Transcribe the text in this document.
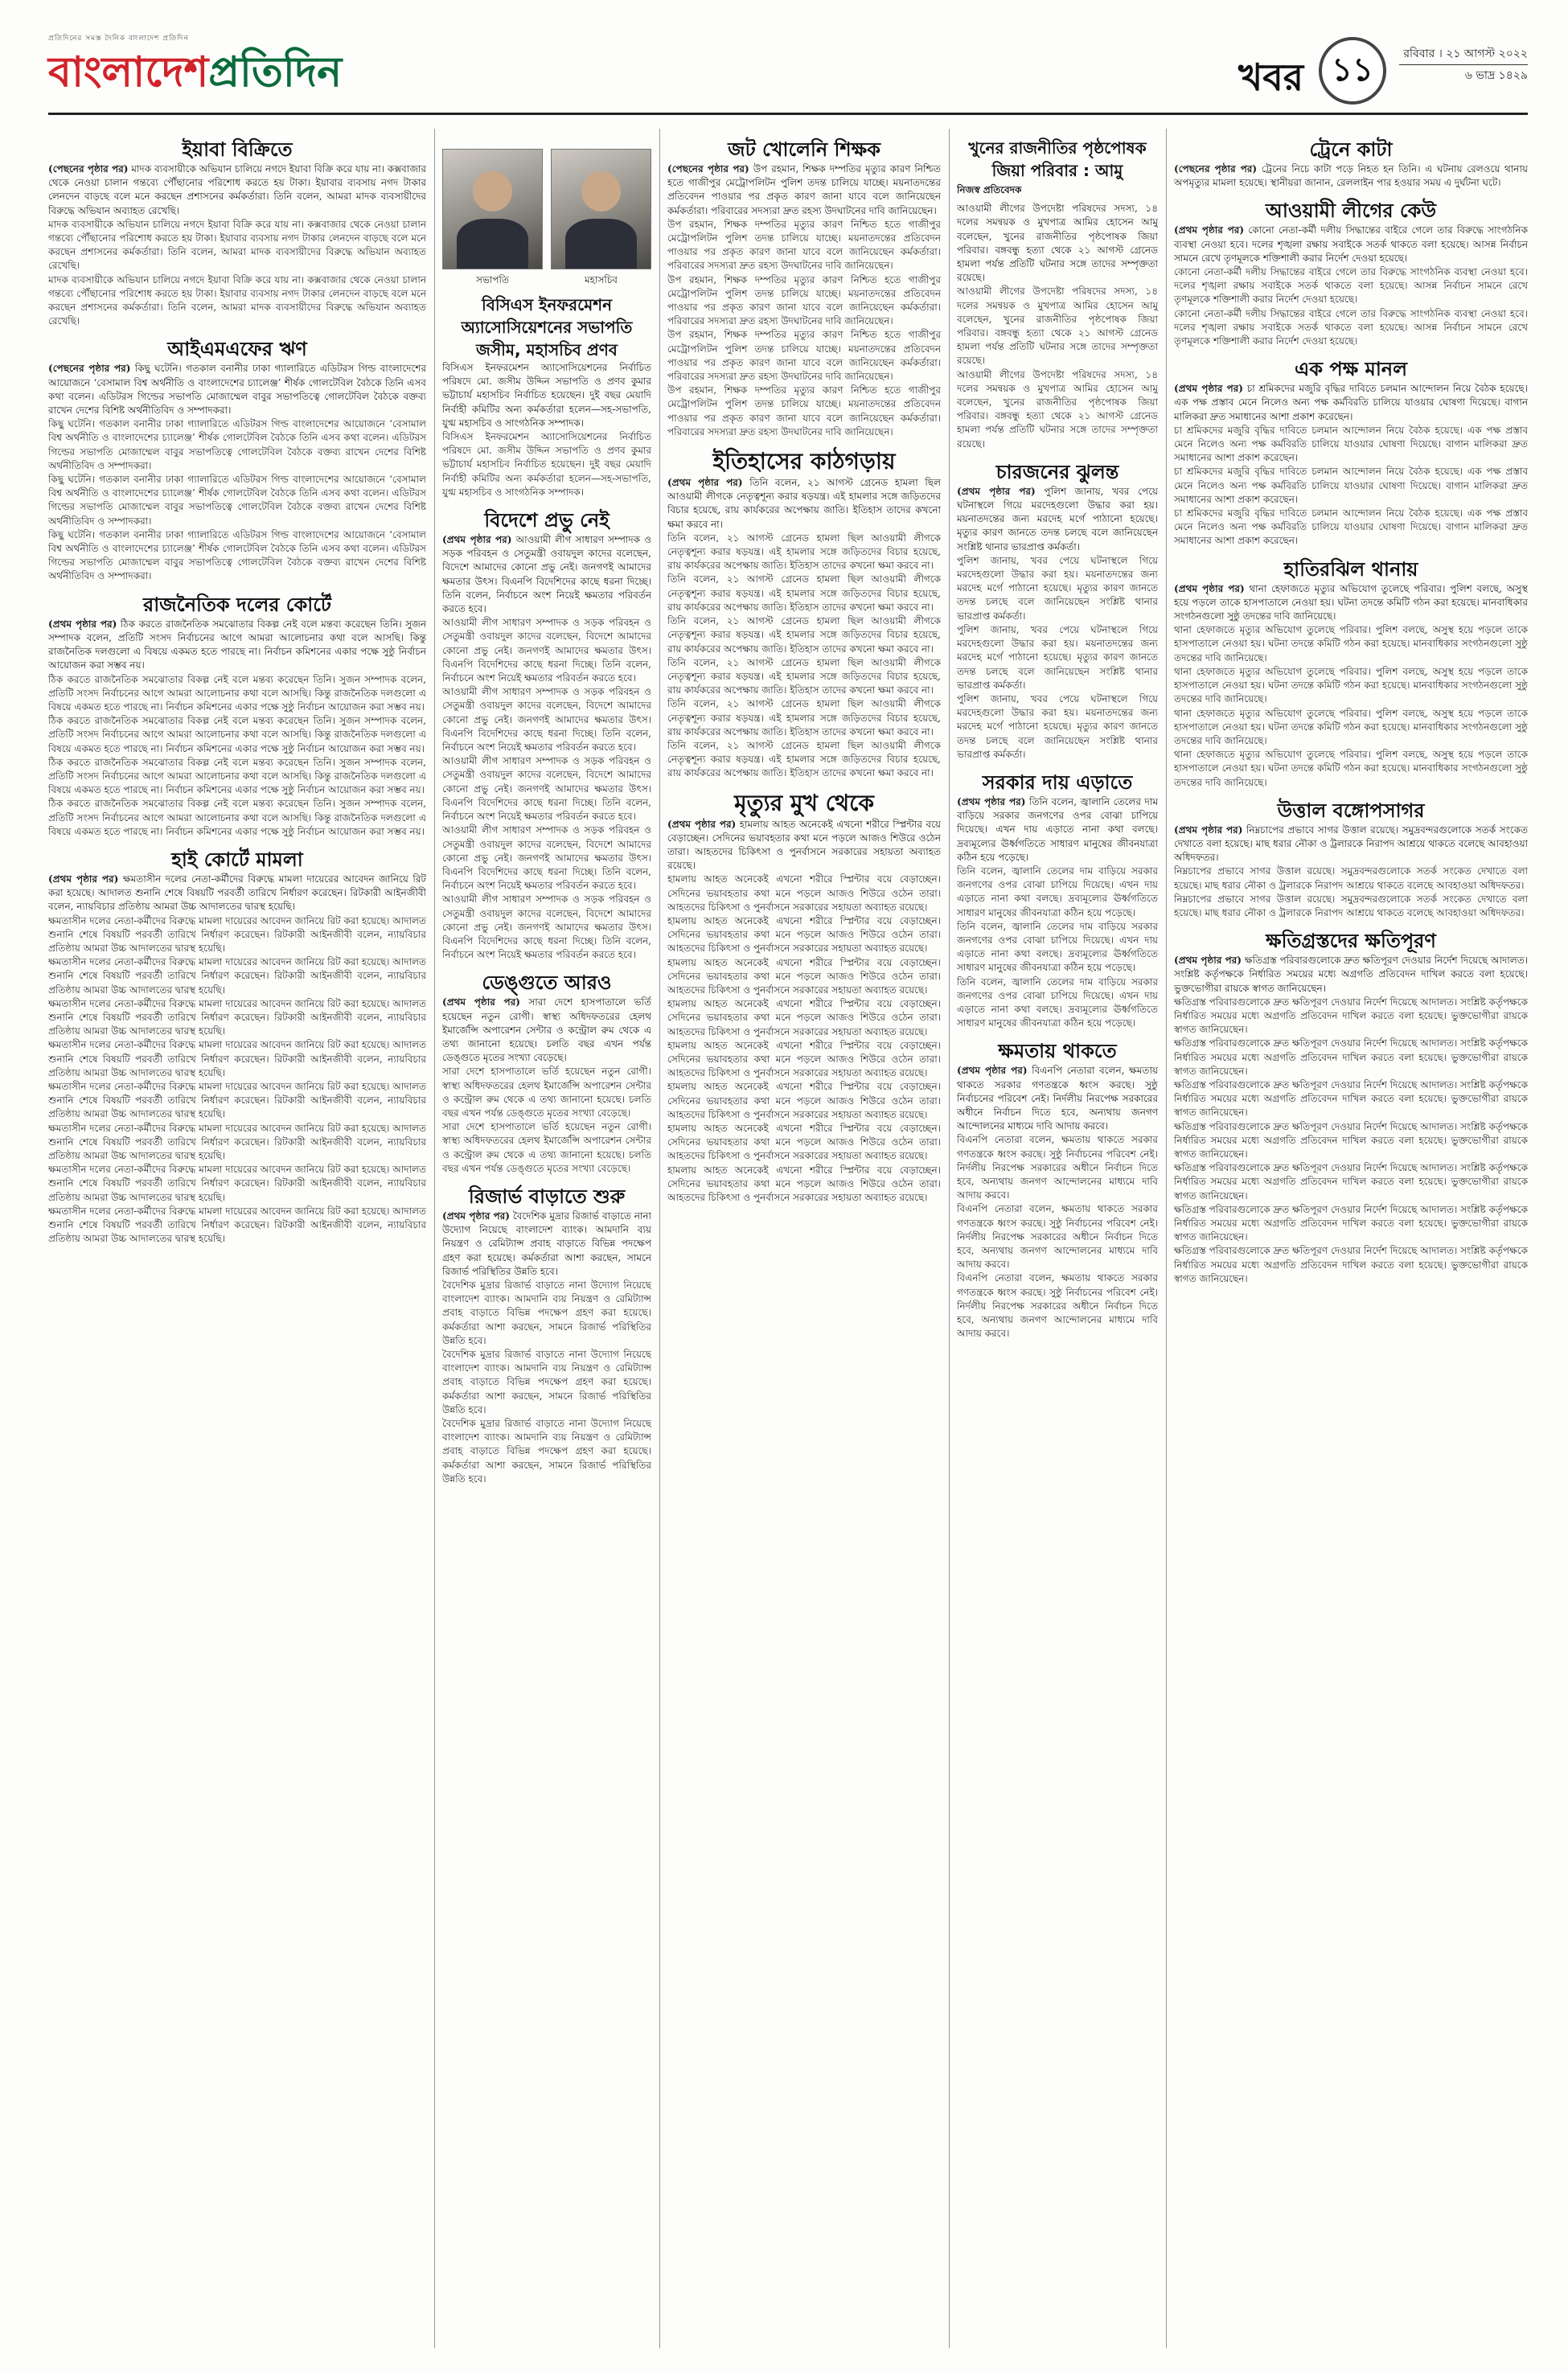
প্রতিদিনের সমস্ত দৈনিক বাংলাদেশ প্রতিদিন
বাংলাদেশপ্রতিদিন	খবর ১১	রবিবার । ২১ আগস্ট ২০২২
৬ ভাদ্র ১৪২৯
ইয়াবা বিক্রিতে

(পেছনের পৃষ্ঠার পর) মাদক ব্যবসায়ীকে অভিযান চালিয়ে নগদে ইয়াবা বিক্রি করে যায় না। কক্সবাজার থেকে নেওয়া চালান গন্তব্যে পৌঁছানোর পরিশোধ করতে হয় টাকা। ইয়াবার ব্যবসায় নগদ টাকার লেনদেন বাড়ছে বলে মনে করছেন প্রশাসনের কর্মকর্তারা। তিনি বলেন, আমরা মাদক ব্যবসায়ীদের বিরুদ্ধে অভিযান অব্যাহত রেখেছি।

মাদক ব্যবসায়ীকে অভিযান চালিয়ে নগদে ইয়াবা বিক্রি করে যায় না। কক্সবাজার থেকে নেওয়া চালান গন্তব্যে পৌঁছানোর পরিশোধ করতে হয় টাকা। ইয়াবার ব্যবসায় নগদ টাকার লেনদেন বাড়ছে বলে মনে করছেন প্রশাসনের কর্মকর্তারা। তিনি বলেন, আমরা মাদক ব্যবসায়ীদের বিরুদ্ধে অভিযান অব্যাহত রেখেছি।

মাদক ব্যবসায়ীকে অভিযান চালিয়ে নগদে ইয়াবা বিক্রি করে যায় না। কক্সবাজার থেকে নেওয়া চালান গন্তব্যে পৌঁছানোর পরিশোধ করতে হয় টাকা। ইয়াবার ব্যবসায় নগদ টাকার লেনদেন বাড়ছে বলে মনে করছেন প্রশাসনের কর্মকর্তারা। তিনি বলেন, আমরা মাদক ব্যবসায়ীদের বিরুদ্ধে অভিযান অব্যাহত রেখেছি।

আইএমএফের ঋণ

(পেছনের পৃষ্ঠার পর) কিছু ঘটেনি। গতকাল বনানীর ঢাকা গ্যালারিতে এডিটরস গিল্ড বাংলাদেশের আয়োজনে ‘বেসামাল বিশ্ব অর্থনীতি ও বাংলাদেশের চ্যালেঞ্জ’ শীর্ষক গোলটেবিল বৈঠকে তিনি এসব কথা বলেন। এডিটরস গিল্ডের সভাপতি মোজাম্মেল বাবুর সভাপতিত্বে গোলটেবিল বৈঠকে বক্তব্য রাখেন দেশের বিশিষ্ট অর্থনীতিবিদ ও সম্পাদকরা।

কিছু ঘটেনি। গতকাল বনানীর ঢাকা গ্যালারিতে এডিটরস গিল্ড বাংলাদেশের আয়োজনে ‘বেসামাল বিশ্ব অর্থনীতি ও বাংলাদেশের চ্যালেঞ্জ’ শীর্ষক গোলটেবিল বৈঠকে তিনি এসব কথা বলেন। এডিটরস গিল্ডের সভাপতি মোজাম্মেল বাবুর সভাপতিত্বে গোলটেবিল বৈঠকে বক্তব্য রাখেন দেশের বিশিষ্ট অর্থনীতিবিদ ও সম্পাদকরা।

কিছু ঘটেনি। গতকাল বনানীর ঢাকা গ্যালারিতে এডিটরস গিল্ড বাংলাদেশের আয়োজনে ‘বেসামাল বিশ্ব অর্থনীতি ও বাংলাদেশের চ্যালেঞ্জ’ শীর্ষক গোলটেবিল বৈঠকে তিনি এসব কথা বলেন। এডিটরস গিল্ডের সভাপতি মোজাম্মেল বাবুর সভাপতিত্বে গোলটেবিল বৈঠকে বক্তব্য রাখেন দেশের বিশিষ্ট অর্থনীতিবিদ ও সম্পাদকরা।

কিছু ঘটেনি। গতকাল বনানীর ঢাকা গ্যালারিতে এডিটরস গিল্ড বাংলাদেশের আয়োজনে ‘বেসামাল বিশ্ব অর্থনীতি ও বাংলাদেশের চ্যালেঞ্জ’ শীর্ষক গোলটেবিল বৈঠকে তিনি এসব কথা বলেন। এডিটরস গিল্ডের সভাপতি মোজাম্মেল বাবুর সভাপতিত্বে গোলটেবিল বৈঠকে বক্তব্য রাখেন দেশের বিশিষ্ট অর্থনীতিবিদ ও সম্পাদকরা।

রাজনৈতিক দলের কোর্টে

(প্রথম পৃষ্ঠার পর) ঠিক করতে রাজনৈতিক সমঝোতার বিকল্প নেই বলে মন্তব্য করেছেন তিনি। সুজন সম্পাদক বলেন, প্রতিটি সংসদ নির্বাচনের আগে আমরা আলোচনার কথা বলে আসছি। কিন্তু রাজনৈতিক দলগুলো এ বিষয়ে একমত হতে পারছে না। নির্বাচন কমিশনের একার পক্ষে সুষ্ঠু নির্বাচন আয়োজন করা সম্ভব নয়।

ঠিক করতে রাজনৈতিক সমঝোতার বিকল্প নেই বলে মন্তব্য করেছেন তিনি। সুজন সম্পাদক বলেন, প্রতিটি সংসদ নির্বাচনের আগে আমরা আলোচনার কথা বলে আসছি। কিন্তু রাজনৈতিক দলগুলো এ বিষয়ে একমত হতে পারছে না। নির্বাচন কমিশনের একার পক্ষে সুষ্ঠু নির্বাচন আয়োজন করা সম্ভব নয়।

ঠিক করতে রাজনৈতিক সমঝোতার বিকল্প নেই বলে মন্তব্য করেছেন তিনি। সুজন সম্পাদক বলেন, প্রতিটি সংসদ নির্বাচনের আগে আমরা আলোচনার কথা বলে আসছি। কিন্তু রাজনৈতিক দলগুলো এ বিষয়ে একমত হতে পারছে না। নির্বাচন কমিশনের একার পক্ষে সুষ্ঠু নির্বাচন আয়োজন করা সম্ভব নয়।

ঠিক করতে রাজনৈতিক সমঝোতার বিকল্প নেই বলে মন্তব্য করেছেন তিনি। সুজন সম্পাদক বলেন, প্রতিটি সংসদ নির্বাচনের আগে আমরা আলোচনার কথা বলে আসছি। কিন্তু রাজনৈতিক দলগুলো এ বিষয়ে একমত হতে পারছে না। নির্বাচন কমিশনের একার পক্ষে সুষ্ঠু নির্বাচন আয়োজন করা সম্ভব নয়।

ঠিক করতে রাজনৈতিক সমঝোতার বিকল্প নেই বলে মন্তব্য করেছেন তিনি। সুজন সম্পাদক বলেন, প্রতিটি সংসদ নির্বাচনের আগে আমরা আলোচনার কথা বলে আসছি। কিন্তু রাজনৈতিক দলগুলো এ বিষয়ে একমত হতে পারছে না। নির্বাচন কমিশনের একার পক্ষে সুষ্ঠু নির্বাচন আয়োজন করা সম্ভব নয়।

হাই কোর্টে মামলা

(প্রথম পৃষ্ঠার পর) ক্ষমতাসীন দলের নেতা-কর্মীদের বিরুদ্ধে মামলা দায়েরের আবেদন জানিয়ে রিট করা হয়েছে। আদালত শুনানি শেষে বিষয়টি পরবর্তী তারিখে নির্ধারণ করেছেন। রিটকারী আইনজীবী বলেন, ন্যায়বিচার প্রতিষ্ঠায় আমরা উচ্চ আদালতের দ্বারস্থ হয়েছি।

ক্ষমতাসীন দলের নেতা-কর্মীদের বিরুদ্ধে মামলা দায়েরের আবেদন জানিয়ে রিট করা হয়েছে। আদালত শুনানি শেষে বিষয়টি পরবর্তী তারিখে নির্ধারণ করেছেন। রিটকারী আইনজীবী বলেন, ন্যায়বিচার প্রতিষ্ঠায় আমরা উচ্চ আদালতের দ্বারস্থ হয়েছি।

ক্ষমতাসীন দলের নেতা-কর্মীদের বিরুদ্ধে মামলা দায়েরের আবেদন জানিয়ে রিট করা হয়েছে। আদালত শুনানি শেষে বিষয়টি পরবর্তী তারিখে নির্ধারণ করেছেন। রিটকারী আইনজীবী বলেন, ন্যায়বিচার প্রতিষ্ঠায় আমরা উচ্চ আদালতের দ্বারস্থ হয়েছি।

ক্ষমতাসীন দলের নেতা-কর্মীদের বিরুদ্ধে মামলা দায়েরের আবেদন জানিয়ে রিট করা হয়েছে। আদালত শুনানি শেষে বিষয়টি পরবর্তী তারিখে নির্ধারণ করেছেন। রিটকারী আইনজীবী বলেন, ন্যায়বিচার প্রতিষ্ঠায় আমরা উচ্চ আদালতের দ্বারস্থ হয়েছি।

ক্ষমতাসীন দলের নেতা-কর্মীদের বিরুদ্ধে মামলা দায়েরের আবেদন জানিয়ে রিট করা হয়েছে। আদালত শুনানি শেষে বিষয়টি পরবর্তী তারিখে নির্ধারণ করেছেন। রিটকারী আইনজীবী বলেন, ন্যায়বিচার প্রতিষ্ঠায় আমরা উচ্চ আদালতের দ্বারস্থ হয়েছি।

ক্ষমতাসীন দলের নেতা-কর্মীদের বিরুদ্ধে মামলা দায়েরের আবেদন জানিয়ে রিট করা হয়েছে। আদালত শুনানি শেষে বিষয়টি পরবর্তী তারিখে নির্ধারণ করেছেন। রিটকারী আইনজীবী বলেন, ন্যায়বিচার প্রতিষ্ঠায় আমরা উচ্চ আদালতের দ্বারস্থ হয়েছি।

ক্ষমতাসীন দলের নেতা-কর্মীদের বিরুদ্ধে মামলা দায়েরের আবেদন জানিয়ে রিট করা হয়েছে। আদালত শুনানি শেষে বিষয়টি পরবর্তী তারিখে নির্ধারণ করেছেন। রিটকারী আইনজীবী বলেন, ন্যায়বিচার প্রতিষ্ঠায় আমরা উচ্চ আদালতের দ্বারস্থ হয়েছি।

ক্ষমতাসীন দলের নেতা-কর্মীদের বিরুদ্ধে মামলা দায়েরের আবেদন জানিয়ে রিট করা হয়েছে। আদালত শুনানি শেষে বিষয়টি পরবর্তী তারিখে নির্ধারণ করেছেন। রিটকারী আইনজীবী বলেন, ন্যায়বিচার প্রতিষ্ঠায় আমরা উচ্চ আদালতের দ্বারস্থ হয়েছি।

ক্ষমতাসীন দলের নেতা-কর্মীদের বিরুদ্ধে মামলা দায়েরের আবেদন জানিয়ে রিট করা হয়েছে। আদালত শুনানি শেষে বিষয়টি পরবর্তী তারিখে নির্ধারণ করেছেন। রিটকারী আইনজীবী বলেন, ন্যায়বিচার প্রতিষ্ঠায় আমরা উচ্চ আদালতের দ্বারস্থ হয়েছি।

সভাপতি	মহাসচিব
বিসিএস ইনফরমেশন অ্যাসোসিয়েশনের সভাপতি জসীম, মহাসচিব প্রণব

বিসিএস ইনফরমেশন অ্যাসোসিয়েশনের নির্বাচিত পরিষদে মো. জসীম উদ্দিন সভাপতি ও প্রণব কুমার ভট্টাচার্য মহাসচিব নির্বাচিত হয়েছেন। দুই বছর মেয়াদি নির্বাহী কমিটির অন্য কর্মকর্তারা হলেন—সহ-সভাপতি, যুগ্ম মহাসচিব ও সাংগঠনিক সম্পাদক।

বিসিএস ইনফরমেশন অ্যাসোসিয়েশনের নির্বাচিত পরিষদে মো. জসীম উদ্দিন সভাপতি ও প্রণব কুমার ভট্টাচার্য মহাসচিব নির্বাচিত হয়েছেন। দুই বছর মেয়াদি নির্বাহী কমিটির অন্য কর্মকর্তারা হলেন—সহ-সভাপতি, যুগ্ম মহাসচিব ও সাংগঠনিক সম্পাদক।

বিদেশে প্রভু নেই

(প্রথম পৃষ্ঠার পর) আওয়ামী লীগ সাধারণ সম্পাদক ও সড়ক পরিবহন ও সেতুমন্ত্রী ওবায়দুল কাদের বলেছেন, বিদেশে আমাদের কোনো প্রভু নেই। জনগণই আমাদের ক্ষমতার উৎস। বিএনপি বিদেশিদের কাছে ধরনা দিচ্ছে। তিনি বলেন, নির্বাচনে অংশ নিয়েই ক্ষমতার পরিবর্তন করতে হবে।

আওয়ামী লীগ সাধারণ সম্পাদক ও সড়ক পরিবহন ও সেতুমন্ত্রী ওবায়দুল কাদের বলেছেন, বিদেশে আমাদের কোনো প্রভু নেই। জনগণই আমাদের ক্ষমতার উৎস। বিএনপি বিদেশিদের কাছে ধরনা দিচ্ছে। তিনি বলেন, নির্বাচনে অংশ নিয়েই ক্ষমতার পরিবর্তন করতে হবে।

আওয়ামী লীগ সাধারণ সম্পাদক ও সড়ক পরিবহন ও সেতুমন্ত্রী ওবায়দুল কাদের বলেছেন, বিদেশে আমাদের কোনো প্রভু নেই। জনগণই আমাদের ক্ষমতার উৎস। বিএনপি বিদেশিদের কাছে ধরনা দিচ্ছে। তিনি বলেন, নির্বাচনে অংশ নিয়েই ক্ষমতার পরিবর্তন করতে হবে।

আওয়ামী লীগ সাধারণ সম্পাদক ও সড়ক পরিবহন ও সেতুমন্ত্রী ওবায়দুল কাদের বলেছেন, বিদেশে আমাদের কোনো প্রভু নেই। জনগণই আমাদের ক্ষমতার উৎস। বিএনপি বিদেশিদের কাছে ধরনা দিচ্ছে। তিনি বলেন, নির্বাচনে অংশ নিয়েই ক্ষমতার পরিবর্তন করতে হবে।

আওয়ামী লীগ সাধারণ সম্পাদক ও সড়ক পরিবহন ও সেতুমন্ত্রী ওবায়দুল কাদের বলেছেন, বিদেশে আমাদের কোনো প্রভু নেই। জনগণই আমাদের ক্ষমতার উৎস। বিএনপি বিদেশিদের কাছে ধরনা দিচ্ছে। তিনি বলেন, নির্বাচনে অংশ নিয়েই ক্ষমতার পরিবর্তন করতে হবে।

আওয়ামী লীগ সাধারণ সম্পাদক ও সড়ক পরিবহন ও সেতুমন্ত্রী ওবায়দুল কাদের বলেছেন, বিদেশে আমাদের কোনো প্রভু নেই। জনগণই আমাদের ক্ষমতার উৎস। বিএনপি বিদেশিদের কাছে ধরনা দিচ্ছে। তিনি বলেন, নির্বাচনে অংশ নিয়েই ক্ষমতার পরিবর্তন করতে হবে।

ডেঙ্গুতে আরও

(প্রথম পৃষ্ঠার পর) সারা দেশে হাসপাতালে ভর্তি হয়েছেন নতুন রোগী। স্বাস্থ্য অধিদফতরের হেলথ ইমার্জেন্সি অপারেশন সেন্টার ও কন্ট্রোল রুম থেকে এ তথ্য জানানো হয়েছে। চলতি বছর এখন পর্যন্ত ডেঙ্গুতে মৃতের সংখ্যা বেড়েছে।

সারা দেশে হাসপাতালে ভর্তি হয়েছেন নতুন রোগী। স্বাস্থ্য অধিদফতরের হেলথ ইমার্জেন্সি অপারেশন সেন্টার ও কন্ট্রোল রুম থেকে এ তথ্য জানানো হয়েছে। চলতি বছর এখন পর্যন্ত ডেঙ্গুতে মৃতের সংখ্যা বেড়েছে।

সারা দেশে হাসপাতালে ভর্তি হয়েছেন নতুন রোগী। স্বাস্থ্য অধিদফতরের হেলথ ইমার্জেন্সি অপারেশন সেন্টার ও কন্ট্রোল রুম থেকে এ তথ্য জানানো হয়েছে। চলতি বছর এখন পর্যন্ত ডেঙ্গুতে মৃতের সংখ্যা বেড়েছে।

রিজার্ভ বাড়াতে শুরু

(প্রথম পৃষ্ঠার পর) বৈদেশিক মুদ্রার রিজার্ভ বাড়াতে নানা উদ্যোগ নিয়েছে বাংলাদেশ ব্যাংক। আমদানি ব্যয় নিয়ন্ত্রণ ও রেমিট্যান্স প্রবাহ বাড়াতে বিভিন্ন পদক্ষেপ গ্রহণ করা হয়েছে। কর্মকর্তারা আশা করছেন, সামনে রিজার্ভ পরিস্থিতির উন্নতি হবে।

বৈদেশিক মুদ্রার রিজার্ভ বাড়াতে নানা উদ্যোগ নিয়েছে বাংলাদেশ ব্যাংক। আমদানি ব্যয় নিয়ন্ত্রণ ও রেমিট্যান্স প্রবাহ বাড়াতে বিভিন্ন পদক্ষেপ গ্রহণ করা হয়েছে। কর্মকর্তারা আশা করছেন, সামনে রিজার্ভ পরিস্থিতির উন্নতি হবে।

বৈদেশিক মুদ্রার রিজার্ভ বাড়াতে নানা উদ্যোগ নিয়েছে বাংলাদেশ ব্যাংক। আমদানি ব্যয় নিয়ন্ত্রণ ও রেমিট্যান্স প্রবাহ বাড়াতে বিভিন্ন পদক্ষেপ গ্রহণ করা হয়েছে। কর্মকর্তারা আশা করছেন, সামনে রিজার্ভ পরিস্থিতির উন্নতি হবে।

বৈদেশিক মুদ্রার রিজার্ভ বাড়াতে নানা উদ্যোগ নিয়েছে বাংলাদেশ ব্যাংক। আমদানি ব্যয় নিয়ন্ত্রণ ও রেমিট্যান্স প্রবাহ বাড়াতে বিভিন্ন পদক্ষেপ গ্রহণ করা হয়েছে। কর্মকর্তারা আশা করছেন, সামনে রিজার্ভ পরিস্থিতির উন্নতি হবে।

জট খোলেনি শিক্ষক

(পেছনের পৃষ্ঠার পর) উপ রহমান, শিক্ষক দম্পতির মৃত্যুর কারণ নিশ্চিত হতে গাজীপুর মেট্রোপলিটন পুলিশ তদন্ত চালিয়ে যাচ্ছে। ময়নাতদন্তের প্রতিবেদন পাওয়ার পর প্রকৃত কারণ জানা যাবে বলে জানিয়েছেন কর্মকর্তারা। পরিবারের সদস্যরা দ্রুত রহস্য উদঘাটনের দাবি জানিয়েছেন।

উপ রহমান, শিক্ষক দম্পতির মৃত্যুর কারণ নিশ্চিত হতে গাজীপুর মেট্রোপলিটন পুলিশ তদন্ত চালিয়ে যাচ্ছে। ময়নাতদন্তের প্রতিবেদন পাওয়ার পর প্রকৃত কারণ জানা যাবে বলে জানিয়েছেন কর্মকর্তারা। পরিবারের সদস্যরা দ্রুত রহস্য উদঘাটনের দাবি জানিয়েছেন।

উপ রহমান, শিক্ষক দম্পতির মৃত্যুর কারণ নিশ্চিত হতে গাজীপুর মেট্রোপলিটন পুলিশ তদন্ত চালিয়ে যাচ্ছে। ময়নাতদন্তের প্রতিবেদন পাওয়ার পর প্রকৃত কারণ জানা যাবে বলে জানিয়েছেন কর্মকর্তারা। পরিবারের সদস্যরা দ্রুত রহস্য উদঘাটনের দাবি জানিয়েছেন।

উপ রহমান, শিক্ষক দম্পতির মৃত্যুর কারণ নিশ্চিত হতে গাজীপুর মেট্রোপলিটন পুলিশ তদন্ত চালিয়ে যাচ্ছে। ময়নাতদন্তের প্রতিবেদন পাওয়ার পর প্রকৃত কারণ জানা যাবে বলে জানিয়েছেন কর্মকর্তারা। পরিবারের সদস্যরা দ্রুত রহস্য উদঘাটনের দাবি জানিয়েছেন।

উপ রহমান, শিক্ষক দম্পতির মৃত্যুর কারণ নিশ্চিত হতে গাজীপুর মেট্রোপলিটন পুলিশ তদন্ত চালিয়ে যাচ্ছে। ময়নাতদন্তের প্রতিবেদন পাওয়ার পর প্রকৃত কারণ জানা যাবে বলে জানিয়েছেন কর্মকর্তারা। পরিবারের সদস্যরা দ্রুত রহস্য উদঘাটনের দাবি জানিয়েছেন।

ইতিহাসের কাঠগড়ায়

(প্রথম পৃষ্ঠার পর) তিনি বলেন, ২১ আগস্ট গ্রেনেড হামলা ছিল আওয়ামী লীগকে নেতৃত্বশূন্য করার ষড়যন্ত্র। এই হামলার সঙ্গে জড়িতদের বিচার হয়েছে, রায় কার্যকরের অপেক্ষায় জাতি। ইতিহাস তাদের কখনো ক্ষমা করবে না।

তিনি বলেন, ২১ আগস্ট গ্রেনেড হামলা ছিল আওয়ামী লীগকে নেতৃত্বশূন্য করার ষড়যন্ত্র। এই হামলার সঙ্গে জড়িতদের বিচার হয়েছে, রায় কার্যকরের অপেক্ষায় জাতি। ইতিহাস তাদের কখনো ক্ষমা করবে না।

তিনি বলেন, ২১ আগস্ট গ্রেনেড হামলা ছিল আওয়ামী লীগকে নেতৃত্বশূন্য করার ষড়যন্ত্র। এই হামলার সঙ্গে জড়িতদের বিচার হয়েছে, রায় কার্যকরের অপেক্ষায় জাতি। ইতিহাস তাদের কখনো ক্ষমা করবে না।

তিনি বলেন, ২১ আগস্ট গ্রেনেড হামলা ছিল আওয়ামী লীগকে নেতৃত্বশূন্য করার ষড়যন্ত্র। এই হামলার সঙ্গে জড়িতদের বিচার হয়েছে, রায় কার্যকরের অপেক্ষায় জাতি। ইতিহাস তাদের কখনো ক্ষমা করবে না।

তিনি বলেন, ২১ আগস্ট গ্রেনেড হামলা ছিল আওয়ামী লীগকে নেতৃত্বশূন্য করার ষড়যন্ত্র। এই হামলার সঙ্গে জড়িতদের বিচার হয়েছে, রায় কার্যকরের অপেক্ষায় জাতি। ইতিহাস তাদের কখনো ক্ষমা করবে না।

তিনি বলেন, ২১ আগস্ট গ্রেনেড হামলা ছিল আওয়ামী লীগকে নেতৃত্বশূন্য করার ষড়যন্ত্র। এই হামলার সঙ্গে জড়িতদের বিচার হয়েছে, রায় কার্যকরের অপেক্ষায় জাতি। ইতিহাস তাদের কখনো ক্ষমা করবে না।

তিনি বলেন, ২১ আগস্ট গ্রেনেড হামলা ছিল আওয়ামী লীগকে নেতৃত্বশূন্য করার ষড়যন্ত্র। এই হামলার সঙ্গে জড়িতদের বিচার হয়েছে, রায় কার্যকরের অপেক্ষায় জাতি। ইতিহাস তাদের কখনো ক্ষমা করবে না।

মৃত্যুর মুখ থেকে

(প্রথম পৃষ্ঠার পর) হামলায় আহত অনেকেই এখনো শরীরে স্প্লিন্টার বয়ে বেড়াচ্ছেন। সেদিনের ভয়াবহতার কথা মনে পড়লে আজও শিউরে ওঠেন তারা। আহতদের চিকিৎসা ও পুনর্বাসনে সরকারের সহায়তা অব্যাহত রয়েছে।

হামলায় আহত অনেকেই এখনো শরীরে স্প্লিন্টার বয়ে বেড়াচ্ছেন। সেদিনের ভয়াবহতার কথা মনে পড়লে আজও শিউরে ওঠেন তারা। আহতদের চিকিৎসা ও পুনর্বাসনে সরকারের সহায়তা অব্যাহত রয়েছে।

হামলায় আহত অনেকেই এখনো শরীরে স্প্লিন্টার বয়ে বেড়াচ্ছেন। সেদিনের ভয়াবহতার কথা মনে পড়লে আজও শিউরে ওঠেন তারা। আহতদের চিকিৎসা ও পুনর্বাসনে সরকারের সহায়তা অব্যাহত রয়েছে।

হামলায় আহত অনেকেই এখনো শরীরে স্প্লিন্টার বয়ে বেড়াচ্ছেন। সেদিনের ভয়াবহতার কথা মনে পড়লে আজও শিউরে ওঠেন তারা। আহতদের চিকিৎসা ও পুনর্বাসনে সরকারের সহায়তা অব্যাহত রয়েছে।

হামলায় আহত অনেকেই এখনো শরীরে স্প্লিন্টার বয়ে বেড়াচ্ছেন। সেদিনের ভয়াবহতার কথা মনে পড়লে আজও শিউরে ওঠেন তারা। আহতদের চিকিৎসা ও পুনর্বাসনে সরকারের সহায়তা অব্যাহত রয়েছে।

হামলায় আহত অনেকেই এখনো শরীরে স্প্লিন্টার বয়ে বেড়াচ্ছেন। সেদিনের ভয়াবহতার কথা মনে পড়লে আজও শিউরে ওঠেন তারা। আহতদের চিকিৎসা ও পুনর্বাসনে সরকারের সহায়তা অব্যাহত রয়েছে।

হামলায় আহত অনেকেই এখনো শরীরে স্প্লিন্টার বয়ে বেড়াচ্ছেন। সেদিনের ভয়াবহতার কথা মনে পড়লে আজও শিউরে ওঠেন তারা। আহতদের চিকিৎসা ও পুনর্বাসনে সরকারের সহায়তা অব্যাহত রয়েছে।

হামলায় আহত অনেকেই এখনো শরীরে স্প্লিন্টার বয়ে বেড়াচ্ছেন। সেদিনের ভয়াবহতার কথা মনে পড়লে আজও শিউরে ওঠেন তারা। আহতদের চিকিৎসা ও পুনর্বাসনে সরকারের সহায়তা অব্যাহত রয়েছে।

হামলায় আহত অনেকেই এখনো শরীরে স্প্লিন্টার বয়ে বেড়াচ্ছেন। সেদিনের ভয়াবহতার কথা মনে পড়লে আজও শিউরে ওঠেন তারা। আহতদের চিকিৎসা ও পুনর্বাসনে সরকারের সহায়তা অব্যাহত রয়েছে।

খুনের রাজনীতির পৃষ্ঠপোষক জিয়া পরিবার : আমু
নিজস্ব প্রতিবেদক

আওয়ামী লীগের উপদেষ্টা পরিষদের সদস্য, ১৪ দলের সমন্বয়ক ও মুখপাত্র আমির হোসেন আমু বলেছেন, খুনের রাজনীতির পৃষ্ঠপোষক জিয়া পরিবার। বঙ্গবন্ধু হত্যা থেকে ২১ আগস্ট গ্রেনেড হামলা পর্যন্ত প্রতিটি ঘটনার সঙ্গে তাদের সম্পৃক্ততা রয়েছে।

আওয়ামী লীগের উপদেষ্টা পরিষদের সদস্য, ১৪ দলের সমন্বয়ক ও মুখপাত্র আমির হোসেন আমু বলেছেন, খুনের রাজনীতির পৃষ্ঠপোষক জিয়া পরিবার। বঙ্গবন্ধু হত্যা থেকে ২১ আগস্ট গ্রেনেড হামলা পর্যন্ত প্রতিটি ঘটনার সঙ্গে তাদের সম্পৃক্ততা রয়েছে।

আওয়ামী লীগের উপদেষ্টা পরিষদের সদস্য, ১৪ দলের সমন্বয়ক ও মুখপাত্র আমির হোসেন আমু বলেছেন, খুনের রাজনীতির পৃষ্ঠপোষক জিয়া পরিবার। বঙ্গবন্ধু হত্যা থেকে ২১ আগস্ট গ্রেনেড হামলা পর্যন্ত প্রতিটি ঘটনার সঙ্গে তাদের সম্পৃক্ততা রয়েছে।

চারজনের ঝুলন্ত

(প্রথম পৃষ্ঠার পর) পুলিশ জানায়, খবর পেয়ে ঘটনাস্থলে গিয়ে মরদেহগুলো উদ্ধার করা হয়। ময়নাতদন্তের জন্য মরদেহ মর্গে পাঠানো হয়েছে। মৃত্যুর কারণ জানতে তদন্ত চলছে বলে জানিয়েছেন সংশ্লিষ্ট থানার ভারপ্রাপ্ত কর্মকর্তা।

পুলিশ জানায়, খবর পেয়ে ঘটনাস্থলে গিয়ে মরদেহগুলো উদ্ধার করা হয়। ময়নাতদন্তের জন্য মরদেহ মর্গে পাঠানো হয়েছে। মৃত্যুর কারণ জানতে তদন্ত চলছে বলে জানিয়েছেন সংশ্লিষ্ট থানার ভারপ্রাপ্ত কর্মকর্তা।

পুলিশ জানায়, খবর পেয়ে ঘটনাস্থলে গিয়ে মরদেহগুলো উদ্ধার করা হয়। ময়নাতদন্তের জন্য মরদেহ মর্গে পাঠানো হয়েছে। মৃত্যুর কারণ জানতে তদন্ত চলছে বলে জানিয়েছেন সংশ্লিষ্ট থানার ভারপ্রাপ্ত কর্মকর্তা।

পুলিশ জানায়, খবর পেয়ে ঘটনাস্থলে গিয়ে মরদেহগুলো উদ্ধার করা হয়। ময়নাতদন্তের জন্য মরদেহ মর্গে পাঠানো হয়েছে। মৃত্যুর কারণ জানতে তদন্ত চলছে বলে জানিয়েছেন সংশ্লিষ্ট থানার ভারপ্রাপ্ত কর্মকর্তা।

সরকার দায় এড়াতে

(প্রথম পৃষ্ঠার পর) তিনি বলেন, জ্বালানি তেলের দাম বাড়িয়ে সরকার জনগণের ওপর বোঝা চাপিয়ে দিয়েছে। এখন দায় এড়াতে নানা কথা বলছে। দ্রব্যমূল্যের ঊর্ধ্বগতিতে সাধারণ মানুষের জীবনযাত্রা কঠিন হয়ে পড়েছে।

তিনি বলেন, জ্বালানি তেলের দাম বাড়িয়ে সরকার জনগণের ওপর বোঝা চাপিয়ে দিয়েছে। এখন দায় এড়াতে নানা কথা বলছে। দ্রব্যমূল্যের ঊর্ধ্বগতিতে সাধারণ মানুষের জীবনযাত্রা কঠিন হয়ে পড়েছে।

তিনি বলেন, জ্বালানি তেলের দাম বাড়িয়ে সরকার জনগণের ওপর বোঝা চাপিয়ে দিয়েছে। এখন দায় এড়াতে নানা কথা বলছে। দ্রব্যমূল্যের ঊর্ধ্বগতিতে সাধারণ মানুষের জীবনযাত্রা কঠিন হয়ে পড়েছে।

তিনি বলেন, জ্বালানি তেলের দাম বাড়িয়ে সরকার জনগণের ওপর বোঝা চাপিয়ে দিয়েছে। এখন দায় এড়াতে নানা কথা বলছে। দ্রব্যমূল্যের ঊর্ধ্বগতিতে সাধারণ মানুষের জীবনযাত্রা কঠিন হয়ে পড়েছে।

ক্ষমতায় থাকতে

(প্রথম পৃষ্ঠার পর) বিএনপি নেতারা বলেন, ক্ষমতায় থাকতে সরকার গণতন্ত্রকে ধ্বংস করছে। সুষ্ঠু নির্বাচনের পরিবেশ নেই। নির্দলীয় নিরপেক্ষ সরকারের অধীনে নির্বাচন দিতে হবে, অন্যথায় জনগণ আন্দোলনের মাধ্যমে দাবি আদায় করবে।

বিএনপি নেতারা বলেন, ক্ষমতায় থাকতে সরকার গণতন্ত্রকে ধ্বংস করছে। সুষ্ঠু নির্বাচনের পরিবেশ নেই। নির্দলীয় নিরপেক্ষ সরকারের অধীনে নির্বাচন দিতে হবে, অন্যথায় জনগণ আন্দোলনের মাধ্যমে দাবি আদায় করবে।

বিএনপি নেতারা বলেন, ক্ষমতায় থাকতে সরকার গণতন্ত্রকে ধ্বংস করছে। সুষ্ঠু নির্বাচনের পরিবেশ নেই। নির্দলীয় নিরপেক্ষ সরকারের অধীনে নির্বাচন দিতে হবে, অন্যথায় জনগণ আন্দোলনের মাধ্যমে দাবি আদায় করবে।

বিএনপি নেতারা বলেন, ক্ষমতায় থাকতে সরকার গণতন্ত্রকে ধ্বংস করছে। সুষ্ঠু নির্বাচনের পরিবেশ নেই। নির্দলীয় নিরপেক্ষ সরকারের অধীনে নির্বাচন দিতে হবে, অন্যথায় জনগণ আন্দোলনের মাধ্যমে দাবি আদায় করবে।

ট্রেনে কাটা

(পেছনের পৃষ্ঠার পর) ট্রেনের নিচে কাটা পড়ে নিহত হন তিনি। এ ঘটনায় রেলওয়ে থানায় অপমৃত্যুর মামলা হয়েছে। স্থানীয়রা জানান, রেললাইন পার হওয়ার সময় এ দুর্ঘটনা ঘটে।

আওয়ামী লীগের কেউ

(প্রথম পৃষ্ঠার পর) কোনো নেতা-কর্মী দলীয় সিদ্ধান্তের বাইরে গেলে তার বিরুদ্ধে সাংগঠনিক ব্যবস্থা নেওয়া হবে। দলের শৃঙ্খলা রক্ষায় সবাইকে সতর্ক থাকতে বলা হয়েছে। আসন্ন নির্বাচন সামনে রেখে তৃণমূলকে শক্তিশালী করার নির্দেশ দেওয়া হয়েছে।

কোনো নেতা-কর্মী দলীয় সিদ্ধান্তের বাইরে গেলে তার বিরুদ্ধে সাংগঠনিক ব্যবস্থা নেওয়া হবে। দলের শৃঙ্খলা রক্ষায় সবাইকে সতর্ক থাকতে বলা হয়েছে। আসন্ন নির্বাচন সামনে রেখে তৃণমূলকে শক্তিশালী করার নির্দেশ দেওয়া হয়েছে।

কোনো নেতা-কর্মী দলীয় সিদ্ধান্তের বাইরে গেলে তার বিরুদ্ধে সাংগঠনিক ব্যবস্থা নেওয়া হবে। দলের শৃঙ্খলা রক্ষায় সবাইকে সতর্ক থাকতে বলা হয়েছে। আসন্ন নির্বাচন সামনে রেখে তৃণমূলকে শক্তিশালী করার নির্দেশ দেওয়া হয়েছে।

এক পক্ষ মানল

(প্রথম পৃষ্ঠার পর) চা শ্রমিকদের মজুরি বৃদ্ধির দাবিতে চলমান আন্দোলন নিয়ে বৈঠক হয়েছে। এক পক্ষ প্রস্তাব মেনে নিলেও অন্য পক্ষ কর্মবিরতি চালিয়ে যাওয়ার ঘোষণা দিয়েছে। বাগান মালিকরা দ্রুত সমাধানের আশা প্রকাশ করেছেন।

চা শ্রমিকদের মজুরি বৃদ্ধির দাবিতে চলমান আন্দোলন নিয়ে বৈঠক হয়েছে। এক পক্ষ প্রস্তাব মেনে নিলেও অন্য পক্ষ কর্মবিরতি চালিয়ে যাওয়ার ঘোষণা দিয়েছে। বাগান মালিকরা দ্রুত সমাধানের আশা প্রকাশ করেছেন।

চা শ্রমিকদের মজুরি বৃদ্ধির দাবিতে চলমান আন্দোলন নিয়ে বৈঠক হয়েছে। এক পক্ষ প্রস্তাব মেনে নিলেও অন্য পক্ষ কর্মবিরতি চালিয়ে যাওয়ার ঘোষণা দিয়েছে। বাগান মালিকরা দ্রুত সমাধানের আশা প্রকাশ করেছেন।

চা শ্রমিকদের মজুরি বৃদ্ধির দাবিতে চলমান আন্দোলন নিয়ে বৈঠক হয়েছে। এক পক্ষ প্রস্তাব মেনে নিলেও অন্য পক্ষ কর্মবিরতি চালিয়ে যাওয়ার ঘোষণা দিয়েছে। বাগান মালিকরা দ্রুত সমাধানের আশা প্রকাশ করেছেন।

হাতিরঝিল থানায়

(প্রথম পৃষ্ঠার পর) থানা হেফাজতে মৃত্যুর অভিযোগ তুলেছে পরিবার। পুলিশ বলছে, অসুস্থ হয়ে পড়লে তাকে হাসপাতালে নেওয়া হয়। ঘটনা তদন্তে কমিটি গঠন করা হয়েছে। মানবাধিকার সংগঠনগুলো সুষ্ঠু তদন্তের দাবি জানিয়েছে।

থানা হেফাজতে মৃত্যুর অভিযোগ তুলেছে পরিবার। পুলিশ বলছে, অসুস্থ হয়ে পড়লে তাকে হাসপাতালে নেওয়া হয়। ঘটনা তদন্তে কমিটি গঠন করা হয়েছে। মানবাধিকার সংগঠনগুলো সুষ্ঠু তদন্তের দাবি জানিয়েছে।

থানা হেফাজতে মৃত্যুর অভিযোগ তুলেছে পরিবার। পুলিশ বলছে, অসুস্থ হয়ে পড়লে তাকে হাসপাতালে নেওয়া হয়। ঘটনা তদন্তে কমিটি গঠন করা হয়েছে। মানবাধিকার সংগঠনগুলো সুষ্ঠু তদন্তের দাবি জানিয়েছে।

থানা হেফাজতে মৃত্যুর অভিযোগ তুলেছে পরিবার। পুলিশ বলছে, অসুস্থ হয়ে পড়লে তাকে হাসপাতালে নেওয়া হয়। ঘটনা তদন্তে কমিটি গঠন করা হয়েছে। মানবাধিকার সংগঠনগুলো সুষ্ঠু তদন্তের দাবি জানিয়েছে।

থানা হেফাজতে মৃত্যুর অভিযোগ তুলেছে পরিবার। পুলিশ বলছে, অসুস্থ হয়ে পড়লে তাকে হাসপাতালে নেওয়া হয়। ঘটনা তদন্তে কমিটি গঠন করা হয়েছে। মানবাধিকার সংগঠনগুলো সুষ্ঠু তদন্তের দাবি জানিয়েছে।

উত্তাল বঙ্গোপসাগর

(প্রথম পৃষ্ঠার পর) নিম্নচাপের প্রভাবে সাগর উত্তাল রয়েছে। সমুদ্রবন্দরগুলোকে সতর্ক সংকেত দেখাতে বলা হয়েছে। মাছ ধরার নৌকা ও ট্রলারকে নিরাপদ আশ্রয়ে থাকতে বলেছে আবহাওয়া অধিদফতর।

নিম্নচাপের প্রভাবে সাগর উত্তাল রয়েছে। সমুদ্রবন্দরগুলোকে সতর্ক সংকেত দেখাতে বলা হয়েছে। মাছ ধরার নৌকা ও ট্রলারকে নিরাপদ আশ্রয়ে থাকতে বলেছে আবহাওয়া অধিদফতর।

নিম্নচাপের প্রভাবে সাগর উত্তাল রয়েছে। সমুদ্রবন্দরগুলোকে সতর্ক সংকেত দেখাতে বলা হয়েছে। মাছ ধরার নৌকা ও ট্রলারকে নিরাপদ আশ্রয়ে থাকতে বলেছে আবহাওয়া অধিদফতর।

ক্ষতিগ্রস্তদের ক্ষতিপূরণ

(প্রথম পৃষ্ঠার পর) ক্ষতিগ্রস্ত পরিবারগুলোকে দ্রুত ক্ষতিপূরণ দেওয়ার নির্দেশ দিয়েছে আদালত। সংশ্লিষ্ট কর্তৃপক্ষকে নির্ধারিত সময়ের মধ্যে অগ্রগতি প্রতিবেদন দাখিল করতে বলা হয়েছে। ভুক্তভোগীরা রায়কে স্বাগত জানিয়েছেন।

ক্ষতিগ্রস্ত পরিবারগুলোকে দ্রুত ক্ষতিপূরণ দেওয়ার নির্দেশ দিয়েছে আদালত। সংশ্লিষ্ট কর্তৃপক্ষকে নির্ধারিত সময়ের মধ্যে অগ্রগতি প্রতিবেদন দাখিল করতে বলা হয়েছে। ভুক্তভোগীরা রায়কে স্বাগত জানিয়েছেন।

ক্ষতিগ্রস্ত পরিবারগুলোকে দ্রুত ক্ষতিপূরণ দেওয়ার নির্দেশ দিয়েছে আদালত। সংশ্লিষ্ট কর্তৃপক্ষকে নির্ধারিত সময়ের মধ্যে অগ্রগতি প্রতিবেদন দাখিল করতে বলা হয়েছে। ভুক্তভোগীরা রায়কে স্বাগত জানিয়েছেন।

ক্ষতিগ্রস্ত পরিবারগুলোকে দ্রুত ক্ষতিপূরণ দেওয়ার নির্দেশ দিয়েছে আদালত। সংশ্লিষ্ট কর্তৃপক্ষকে নির্ধারিত সময়ের মধ্যে অগ্রগতি প্রতিবেদন দাখিল করতে বলা হয়েছে। ভুক্তভোগীরা রায়কে স্বাগত জানিয়েছেন।

ক্ষতিগ্রস্ত পরিবারগুলোকে দ্রুত ক্ষতিপূরণ দেওয়ার নির্দেশ দিয়েছে আদালত। সংশ্লিষ্ট কর্তৃপক্ষকে নির্ধারিত সময়ের মধ্যে অগ্রগতি প্রতিবেদন দাখিল করতে বলা হয়েছে। ভুক্তভোগীরা রায়কে স্বাগত জানিয়েছেন।

ক্ষতিগ্রস্ত পরিবারগুলোকে দ্রুত ক্ষতিপূরণ দেওয়ার নির্দেশ দিয়েছে আদালত। সংশ্লিষ্ট কর্তৃপক্ষকে নির্ধারিত সময়ের মধ্যে অগ্রগতি প্রতিবেদন দাখিল করতে বলা হয়েছে। ভুক্তভোগীরা রায়কে স্বাগত জানিয়েছেন।

ক্ষতিগ্রস্ত পরিবারগুলোকে দ্রুত ক্ষতিপূরণ দেওয়ার নির্দেশ দিয়েছে আদালত। সংশ্লিষ্ট কর্তৃপক্ষকে নির্ধারিত সময়ের মধ্যে অগ্রগতি প্রতিবেদন দাখিল করতে বলা হয়েছে। ভুক্তভোগীরা রায়কে স্বাগত জানিয়েছেন।

ক্ষতিগ্রস্ত পরিবারগুলোকে দ্রুত ক্ষতিপূরণ দেওয়ার নির্দেশ দিয়েছে আদালত। সংশ্লিষ্ট কর্তৃপক্ষকে নির্ধারিত সময়ের মধ্যে অগ্রগতি প্রতিবেদন দাখিল করতে বলা হয়েছে। ভুক্তভোগীরা রায়কে স্বাগত জানিয়েছেন।
